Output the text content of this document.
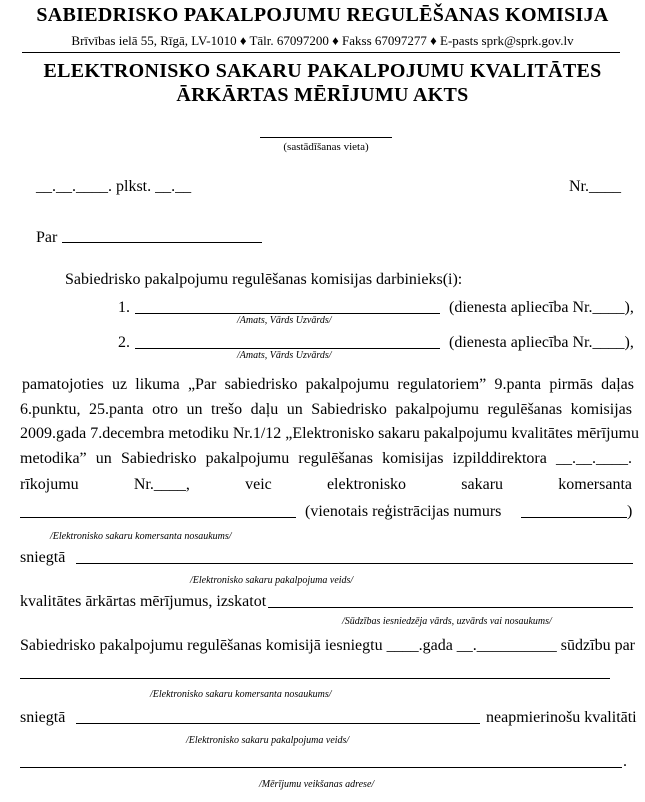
SABIEDRISKO PAKALPOJUMU REGULĒŠANAS KOMISIJA
Brīvības ielā 55, Rīgā, LV-1010 ♦ Tālr. 67097200 ♦ Fakss 67097277 ♦ E-pasts sprk@sprk.gov.lv
ELEKTRONISKO SAKARU PAKALPOJUMU KVALITĀTES
ĀRKĀRTAS MĒRĪJUMU AKTS
(sastādīšanas vieta)
__.__.____. plkst. __.__	Nr.____
Par
Sabiedrisko pakalpojumu regulēšanas komisijas darbinieks(i):
1.	(dienesta apliecība Nr.____),
/Amats, Vārds Uzvārds/
2.	(dienesta apliecība Nr.____),
/Amats, Vārds Uzvārds/
pamatojoties uz likuma „Par sabiedrisko pakalpojumu regulatoriem” 9.panta pirmās daļas
6.punktu, 25.panta otro un trešo daļu un Sabiedrisko pakalpojumu regulēšanas komisijas
2009.gada 7.decembra metodiku Nr.1/12 „Elektronisko sakaru pakalpojumu kvalitātes mērījumu
metodika” un Sabiedrisko pakalpojumu regulēšanas komisijas izpilddirektora __.__.____.
rīkojumu Nr.____, veic elektronisko sakaru komersanta
(vienotais reģistrācijas numurs	)
/Elektronisko sakaru komersanta nosaukums/
sniegtā
/Elektronisko sakaru pakalpojuma veids/
kvalitātes ārkārtas mērījumus, izskatot
/Sūdzības iesniedzēja vārds, uzvārds vai nosaukums/
Sabiedrisko pakalpojumu regulēšanas komisijā iesniegtu ____.gada __.__________ sūdzību par
/Elektronisko sakaru komersanta nosaukums/
sniegtā	neapmierinošu kvalitāti
/Elektronisko sakaru pakalpojuma veids/
.
/Mērījumu veikšanas adrese/
